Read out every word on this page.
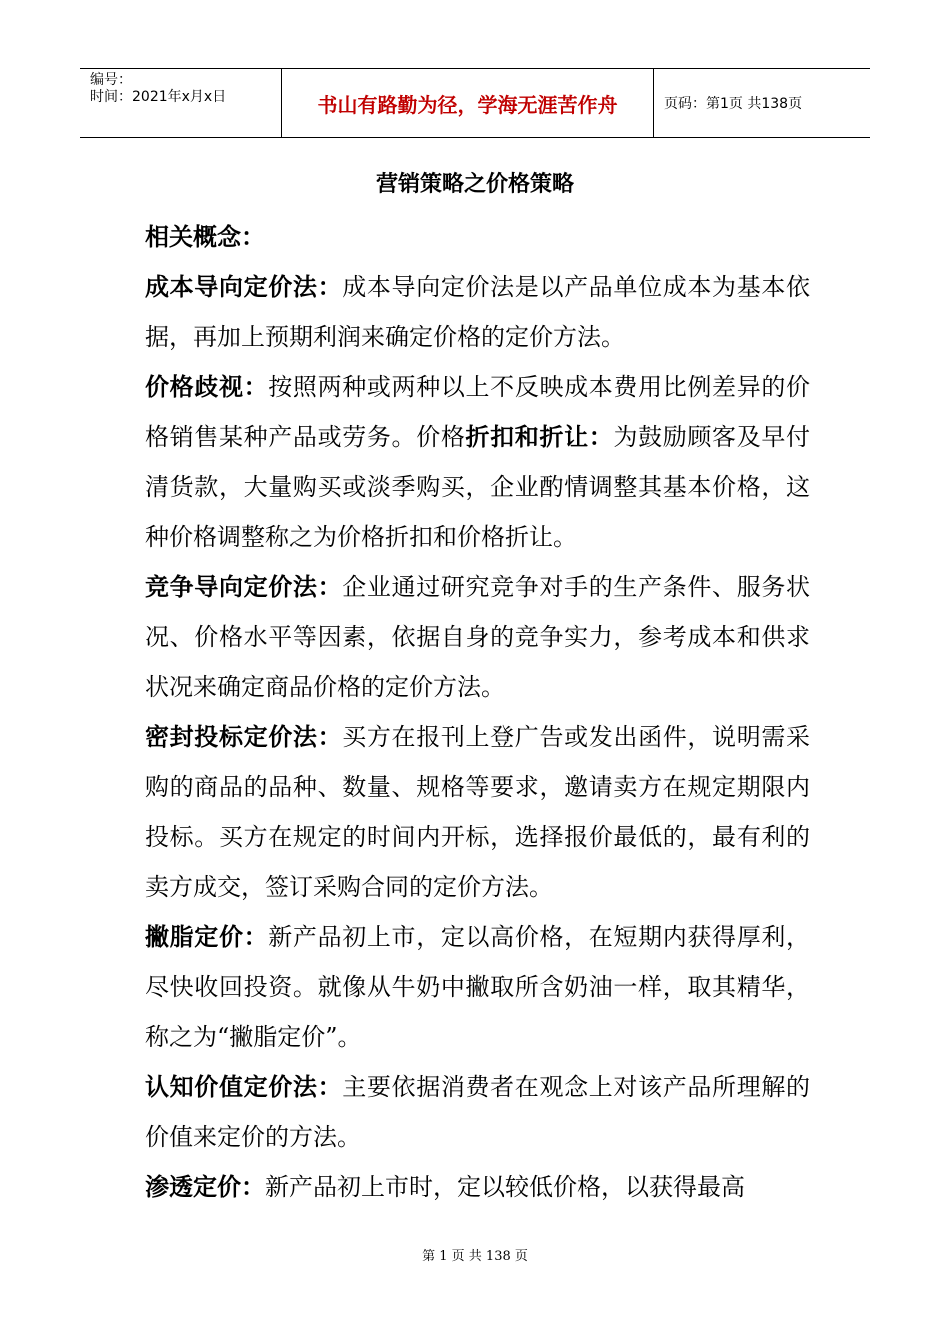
编号：
时间：2021年x月x日	书山有路勤为径，学海无涯苦作舟	页码：第1页 共138页
营销策略之价格策略

相关概念：

成本导向定价法：成本导向定价法是以产品单位成本为基本依据，再加上预期利润来确定价格的定价方法。

价格歧视：按照两种或两种以上不反映成本费用比例差异的价格销售某种产品或劳务。价格折扣和折让：为鼓励顾客及早付清货款，大量购买或淡季购买，企业酌情调整其基本价格，这种价格调整称之为价格折扣和价格折让。

竞争导向定价法：企业通过研究竞争对手的生产条件、服务状况、价格水平等因素，依据自身的竞争实力，参考成本和供求状况来确定商品价格的定价方法。

密封投标定价法：买方在报刊上登广告或发出函件，说明需采购的商品的品种、数量、规格等要求，邀请卖方在规定期限内投标。买方在规定的时间内开标，选择报价最低的，最有利的卖方成交，签订采购合同的定价方法。

撇脂定价：新产品初上市，定以高价格，在短期内获得厚利，尽快收回投资。就像从牛奶中撇取所含奶油一样，取其精华，称之为“撇脂定价”。

认知价值定价法：主要依据消费者在观念上对该产品所理解的价值来定价的方法。

渗透定价：新产品初上市时，定以较低价格，以获得最高

第 1 页 共 138 页
